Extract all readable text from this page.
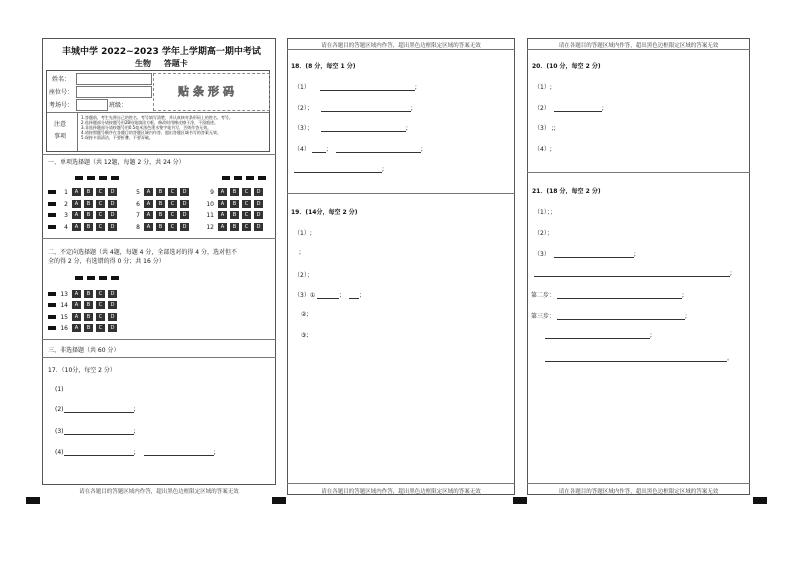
丰城中学 2022~2023 学年上学期高一期中考试
生物 答题卡
姓名：
座位号：
考场号：	班级：
贴条形码
注意
事项
1.答题前，考生先将自己的姓名、考号填写清楚，并认真核对条形码上的姓名、考号。
2.选择题部分请按题号用2B铅笔填涂方框，修改时用橡皮擦干净，不留痕迹。
3.非选择题部分请按题号用0.5毫米黑色墨水签字笔书写，否则作答无效。
4.请按照题号顺序在各题目的答题区域内作答，超出答题区域书写的答案无效。
5.保持卡面清洁，不要折叠、不要弄破。
一、单项选择题（共 12题，每题 2 分，共 24 分）
1	A	B	C	D
2	A	B	C	D
3	A	B	C	D
4	A	B	C	D
5	A	B	C	D
6	A	B	C	D
7	A	B	C	D
8	A	B	C	D
9	A	B	C	D
10	A	B	C	D
11	A	B	C	D
12	A	B	C	D
二、不定向选择题（共 4题，每题 4 分，全部选对的得 4 分，选对但不
全的得 2 分，有选错的得 0 分；共 16 分）
13	A	B	C	D
14	A	B	C	D
15	A	B	C	D
16	A	B	C	D
三、非选择题（共 60 分）
17．（10分，每空 2 分）
(1)
(2)	;
(3)	;
(4)	;	;
请在各题目的答题区域内作答，超出黑色边框限定区域的答案无效
请在各题目的答题区域内作答，超出黑色边框限定区域的答案无效
18．(8 分，每空 1 分)
（1）	;
（2）；	;
（3）；	;
（4）	；	;
;
19．(14分，每空 2 分)
（1）;
;
（2）；
（3）①	； ；
②;
③;
请在各题目的答题区域内作答，超出黑色边框限定区域的答案无效
请在各题目的答题区域内作答，超出黑色边框限定区域的答案无效
20．(10 分，每空 2 分)
（1）;
（2）	;
（3） ;;
（4）;
21．(18 分，每空 2 分)
（1）；；
（2）；
（3）	;
;
第二步：	;
第三步：	;
;
。
请在各题目的答题区域内作答，超出黑色边框限定区域的答案无效
